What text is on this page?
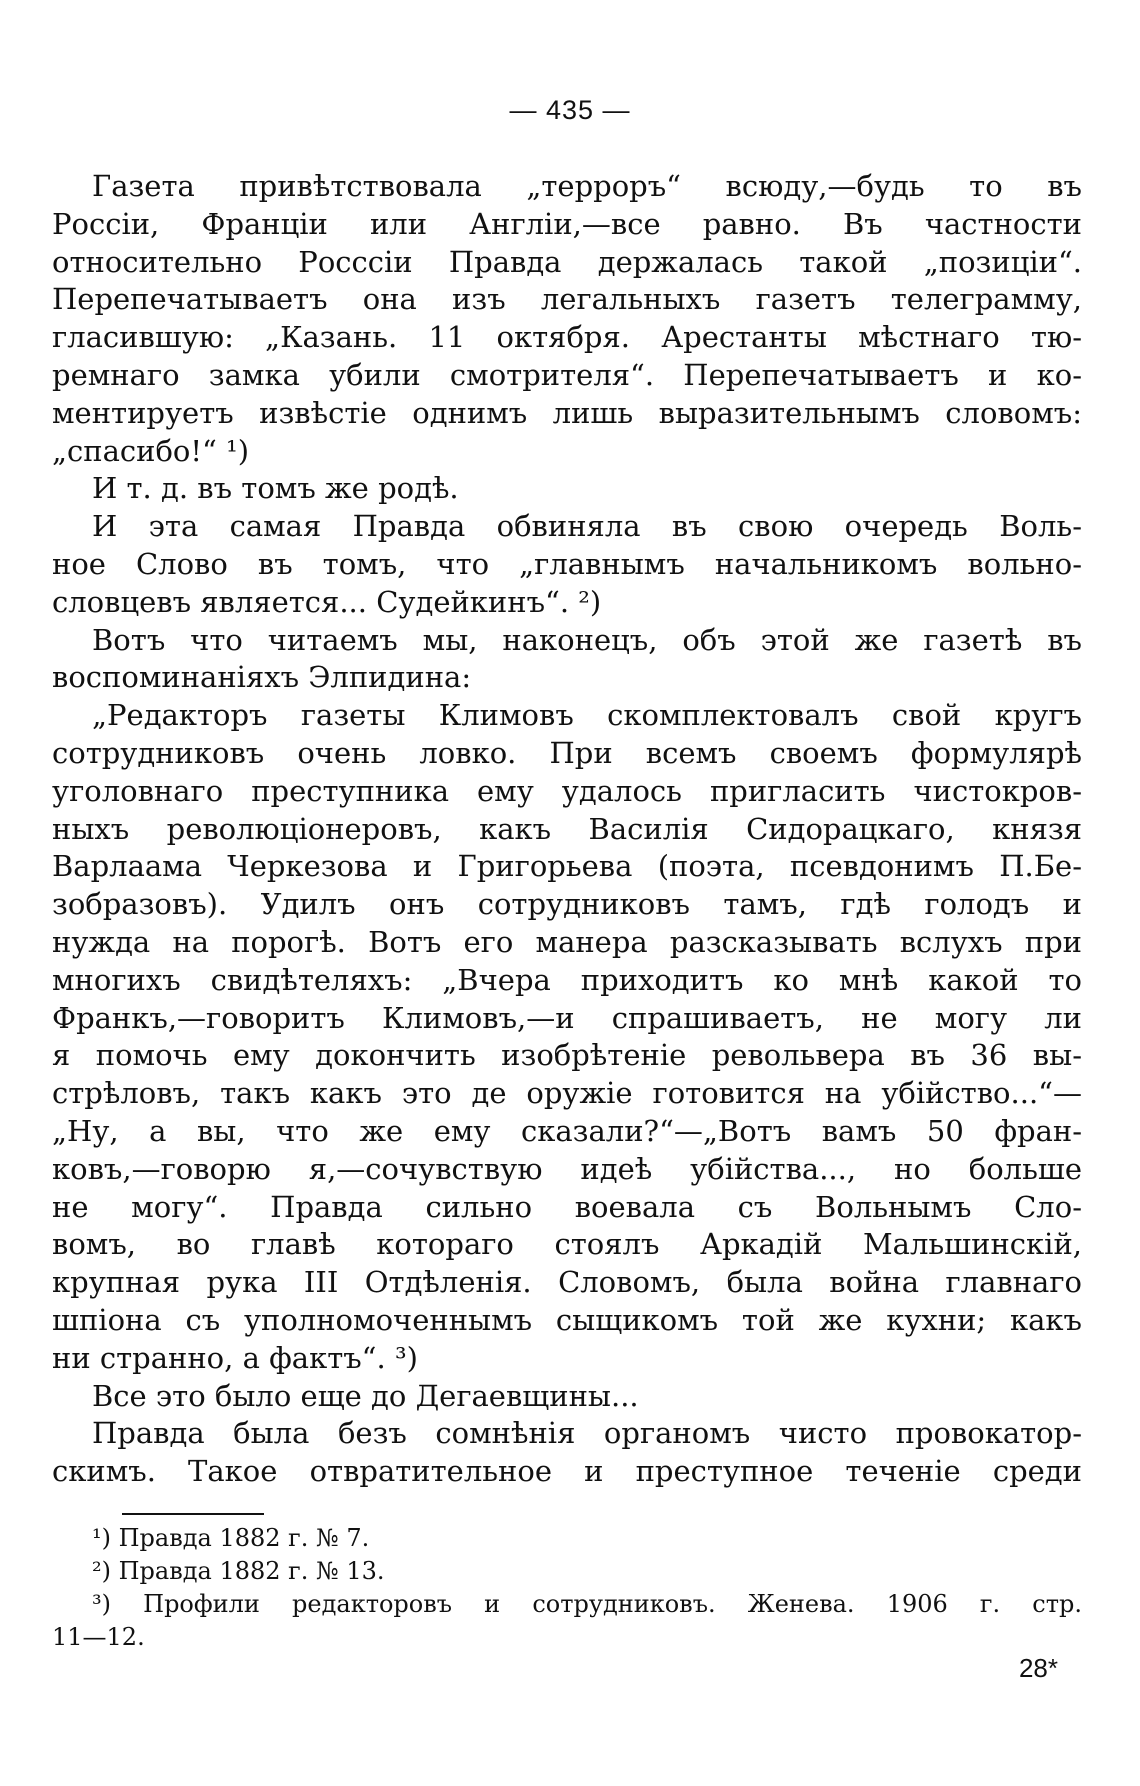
— 435 —
Газета привѣтствовала „терроръ“ всюду,—будь то въ
Россiи, Францiи или Англiи,—все равно. Въ частности
относительно Росссiи Правда держалась такой „позицiи“.
Перепечатываетъ она изъ легальныхъ газетъ телеграмму,
гласившую: „Казань. 11 октября. Арестанты мѣстнаго тю-
ремнаго замка убили смотрителя“. Перепечатываетъ и ко-
ментируетъ извѣстiе однимъ лишь выразительнымъ словомъ:
„спасибо!“ ¹)
И т. д. въ томъ же родѣ.
И эта самая Правда обвиняла въ свою очередь Воль-
ное Слово въ томъ, что „главнымъ начальникомъ вольно-
словцевъ является... Судейкинъ“. ²)
Вотъ что читаемъ мы, наконецъ, объ этой же газетѣ въ
воспоминанiяхъ Элпидина:
„Редакторъ газеты Климовъ скомплектовалъ свой кругъ
сотрудниковъ очень ловко. При всемъ своемъ формулярѣ
уголовнаго преступника ему удалось пригласить чистокров-
ныхъ революцiонеровъ, какъ Василiя Сидорацкаго, князя
Варлаама Черкезова и Григорьева (поэта, псевдонимъ П.Бе-
зобразовъ). Удилъ онъ сотрудниковъ тамъ, гдѣ голодъ и
нужда на порогѣ. Вотъ его манера разсказывать вслухъ при
многихъ свидѣтеляхъ: „Вчера приходитъ ко мнѣ какой то
Франкъ,—говоритъ Климовъ,—и спрашиваетъ, не могу ли
я помочь ему докончить изобрѣтенiе револьвера въ 36 вы-
стрѣловъ, такъ какъ это де оружiе готовится на убiйство...“—
„Ну, а вы, что же ему сказали?“—„Вотъ вамъ 50 фран-
ковъ,—говорю я,—сочувствую идеѣ убiйства..., но больше
не могу“. Правда сильно воевала съ Вольнымъ Сло-
вомъ, во главѣ котораго стоялъ Аркадiй Мальшинскiй,
крупная рука III Отдѣленiя. Словомъ, была война главнаго
шпiона съ уполномоченнымъ сыщикомъ той же кухни; какъ
ни странно, а фактъ“. ³)
Все это было еще до Дегаевщины...
Правда была безъ сомнѣнiя органомъ чисто провокатор-
скимъ. Такое отвратительное и преступное теченiе среди
¹) Правда 1882 г. № 7.
²) Правда 1882 г. № 13.
³) Профили редакторовъ и сотрудниковъ. Женева. 1906 г. стр.
11—12.
28*
